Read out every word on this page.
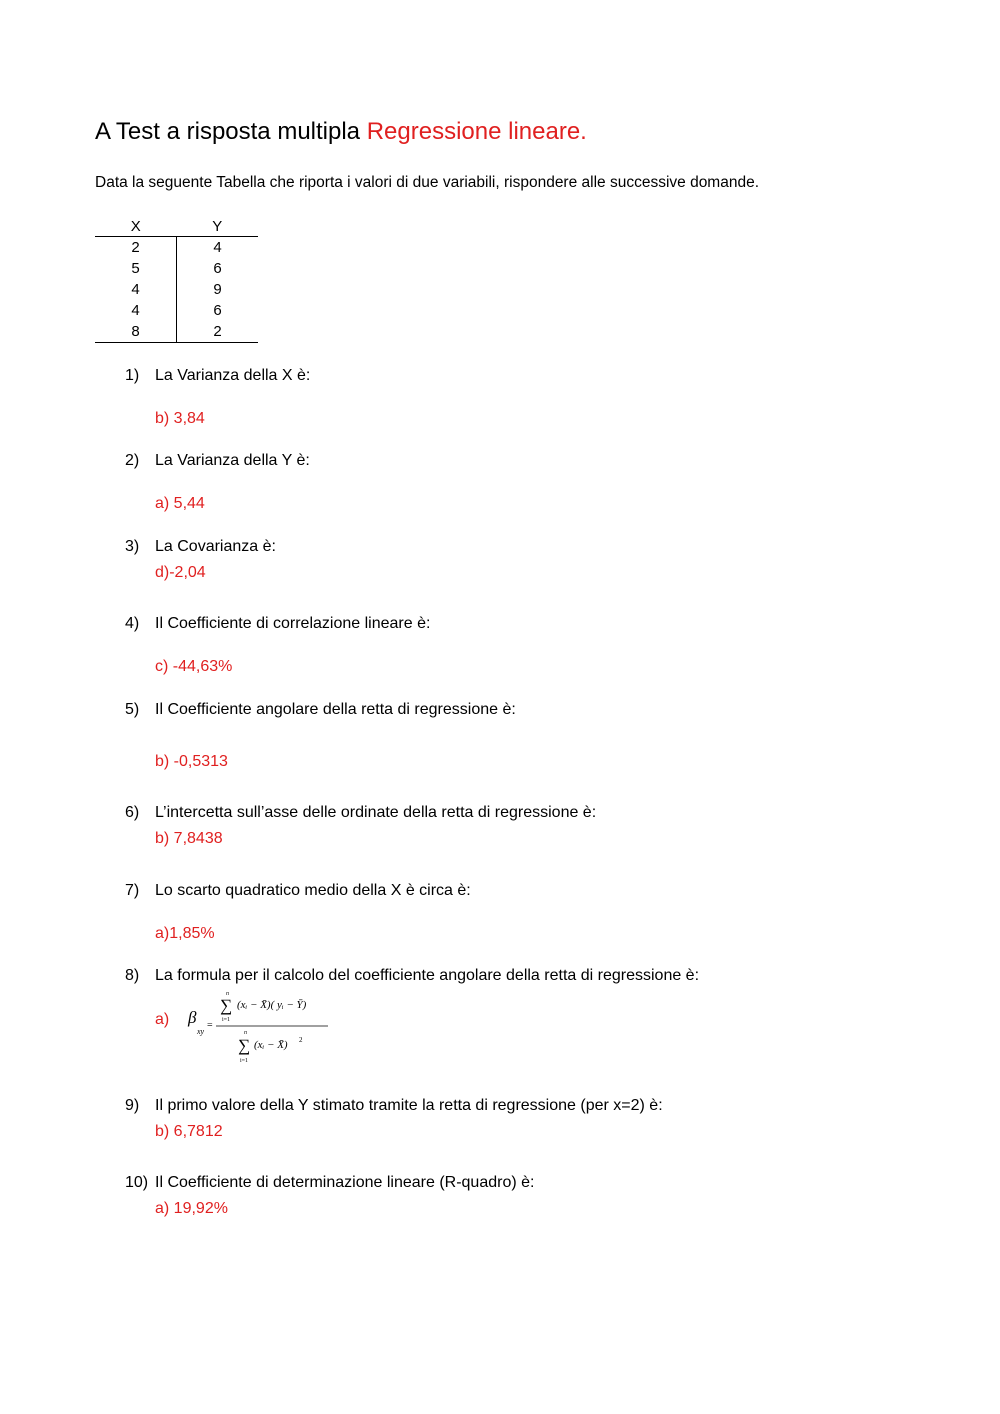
A Test a risposta multipla Regressione lineare.
Data la seguente Tabella che riporta i valori di due variabili, rispondere alle successive domande.
X	Y
2	4
5	6
4	9
4	6
8	2
1) La Varianza della X è:
b) 3,84
2) La Varianza della Y è:
a) 5,44
3) La Covarianza è:
d)-2,04
4) Il Coefficiente di correlazione lineare è:
c) -44,63%
5) Il Coefficiente angolare della retta di regressione è:
b) -0,5313
6) L’intercetta sull’asse delle ordinate della retta di regressione è:
b) 7,8438
7) Lo scarto quadratico medio della X è circa è:
a)1,85%
8) La formula per il calcolo del coefficiente angolare della retta di regressione è:
a) β
xy
=
n
∑
i=1
(xᵢ − X̄)( yᵢ − Ȳ)
n
∑
i=1
(xᵢ − X̄) 2
9) Il primo valore della Y stimato tramite la retta di regressione (per x=2) è:
b) 6,7812
10) Il Coefficiente di determinazione lineare (R-quadro) è:
a) 19,92%
